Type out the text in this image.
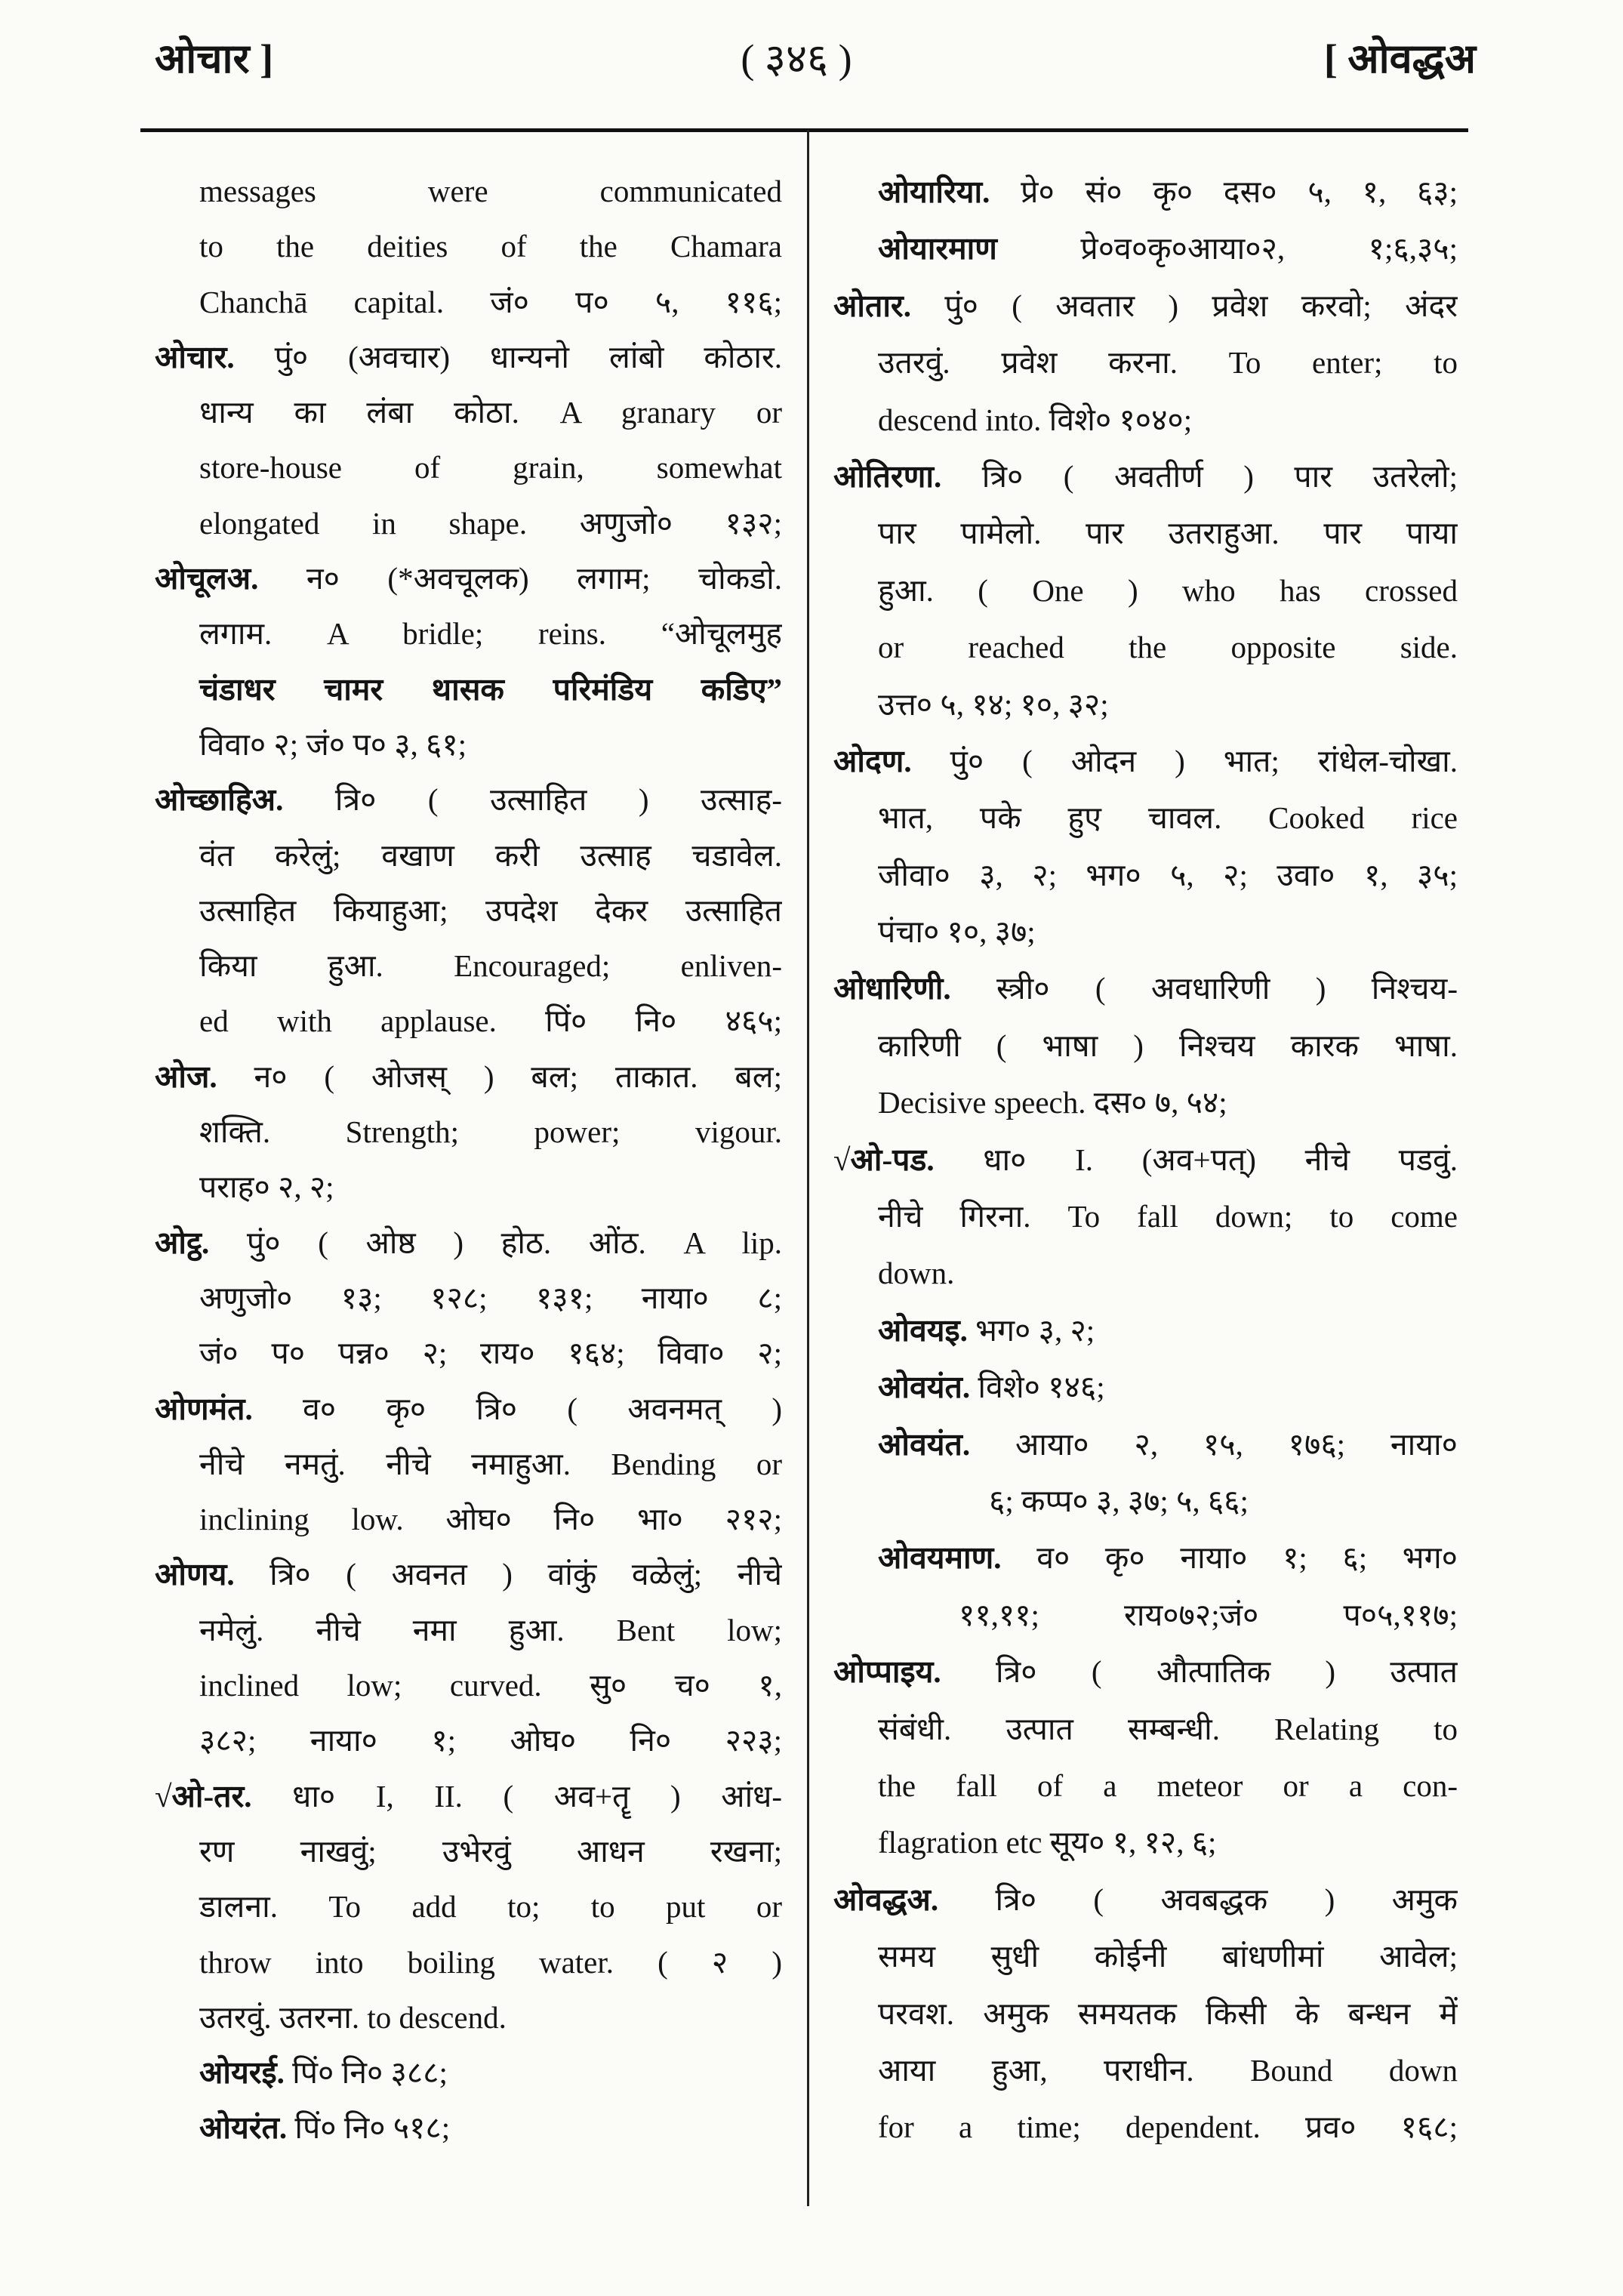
ओचार ]	( ३४६ )	[ ओवद्धअ
messages were communicated
to the deities of the Chamara
Chanchā capital. जं० प० ५, ११६;
ओचार. पुं० (अवचार) धान्यनो लांबो कोठार.
धान्य का लंबा कोठा. A granary or
store-house of grain, somewhat
elongated in shape. अणुजो० १३२;
ओचूलअ. न० (*अवचूलक) लगाम; चोकडो.
लगाम. A bridle; reins. “ओचूलमुह
चंडाधर चामर थासक परिमंडिय कडिए”
विवा० २; जं० प० ३, ६१;
ओच्छाहिअ. त्रि० ( उत्साहित ) उत्साह-
वंत करेलुं; वखाण करी उत्साह चडावेल.
उत्साहित कियाहुआ; उपदेश देकर उत्साहित
किया हुआ. Encouraged; enliven-
ed with applause. पिं० नि० ४६५;
ओज. न० ( ओजस् ) बल; ताकात. बल;
शक्ति. Strength; power; vigour.
पराह० २, २;
ओट्ठ. पुं० ( ओष्ठ ) होठ. ओंठ. A lip.
अणुजो० १३; १२८; १३१; नाया० ८;
जं० प० पन्न० २; राय० १६४; विवा० २;
ओणमंत. व० कृ० त्रि० ( अवनमत् )
नीचे नमतुं. नीचे नमाहुआ. Bending or
inclining low. ओघ० नि० भा० २१२;
ओणय. त्रि० ( अवनत ) वांकुं वळेलुं; नीचे
नमेलुं. नीचे नमा हुआ. Bent low;
inclined low; curved. सु० च० १,
३८२; नाया० १; ओघ० नि० २२३;
√ओ-तर. धा० I, II. ( अव+तॄ ) आंध-
रण नाखवुं; उभेरवुं आधन रखना;
डालना. To add to; to put or
throw into boiling water. ( २ )
उतरवुं. उतरना. to descend.
ओयरई. पिं० नि० ३८८;
ओयरंत. पिं० नि० ५१८;
ओयारिया. प्रे० सं० कृ० दस० ५, १, ६३;
ओयारमाण प्रे०व०कृ०आया०२, १;६,३५;
ओतार. पुं० ( अवतार ) प्रवेश करवो; अंदर
उतरवुं. प्रवेश करना. To enter; to
descend into. विशे० १०४०;
ओतिरणा. त्रि० ( अवतीर्ण ) पार उतरेलो;
पार पामेलो. पार उतराहुआ. पार पाया
हुआ. ( One ) who has crossed
or reached the opposite side.
उत्त० ५, १४; १०, ३२;
ओदण. पुं० ( ओदन ) भात; रांधेल-चोखा.
भात, पके हुए चावल. Cooked rice
जीवा० ३, २; भग० ५, २; उवा० १, ३५;
पंचा० १०, ३७;
ओधारिणी. स्त्री० ( अवधारिणी ) निश्चय-
कारिणी ( भाषा ) निश्चय कारक भाषा.
Decisive speech. दस० ७, ५४;
√ओ-पड. धा० I. (अव+पत्) नीचे पडवुं.
नीचे गिरना. To fall down; to come
down.
ओवयइ. भग० ३, २;
ओवयंत. विशे० १४६;
ओवयंत. आया० २, १५, १७६; नाया०
६; कप्प० ३, ३७; ५, ६६;
ओवयमाण. व० कृ० नाया० १; ६; भग०
११,११; राय०७२;जं० प०५,११७;
ओप्पाइय. त्रि० ( औत्पातिक ) उत्पात
संबंधी. उत्पात सम्बन्धी. Relating to
the fall of a meteor or a con-
flagration etc सूय० १, १२, ६;
ओवद्धअ. त्रि० ( अवबद्धक ) अमुक
समय सुधी कोईनी बांधणीमां आवेल;
परवश. अमुक समयतक किसी के बन्धन में
आया हुआ, पराधीन. Bound down
for a time; dependent. प्रव० १६८;
